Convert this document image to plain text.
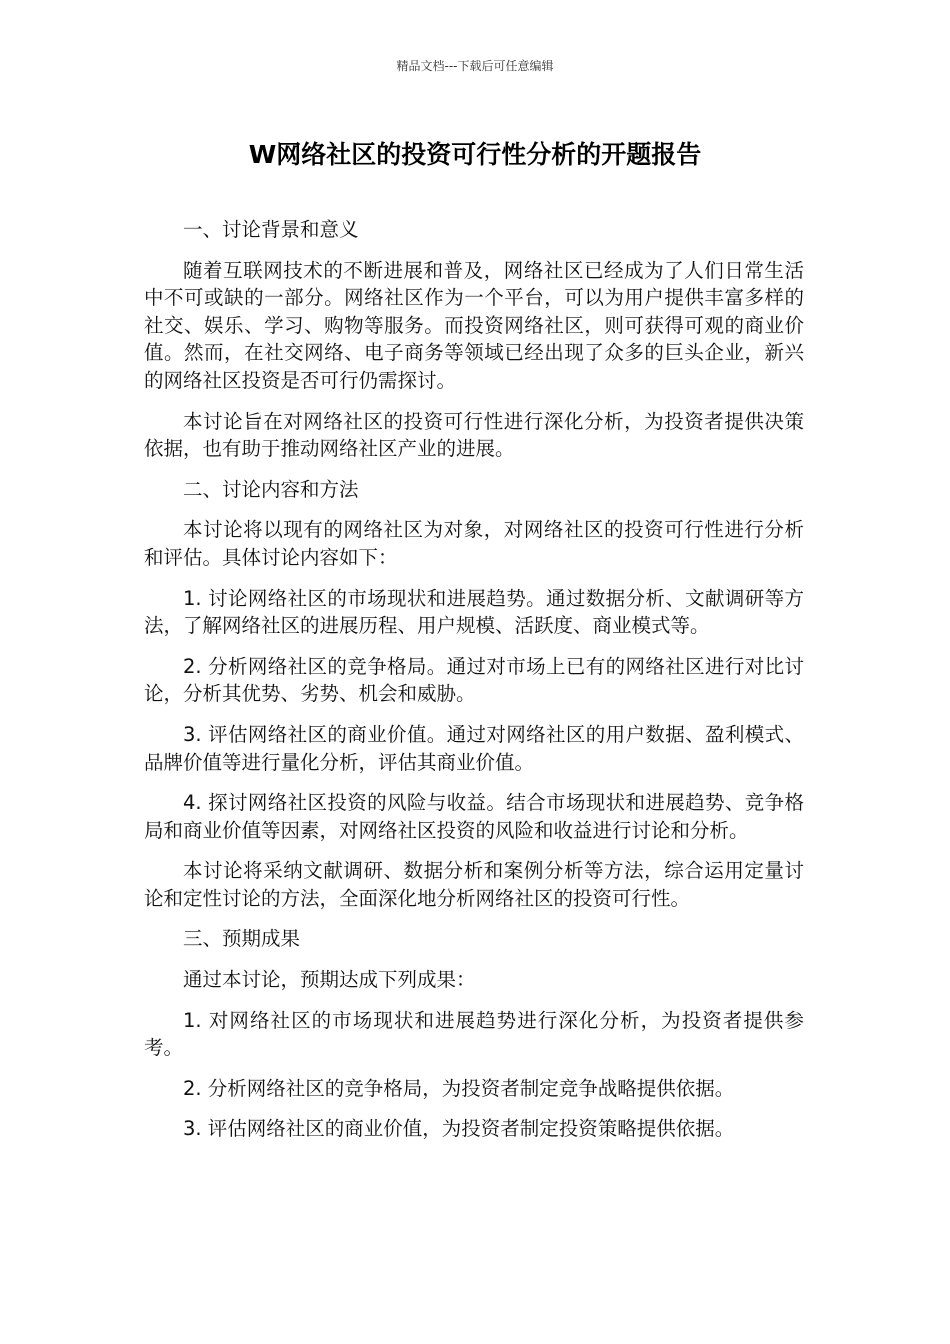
精品文档---下载后可任意编辑
W网络社区的投资可行性分析的开题报告

一、讨论背景和意义

随着互联网技术的不断进展和普及，网络社区已经成为了人们日常生活中不可或缺的一部分。网络社区作为一个平台，可以为用户提供丰富多样的社交、娱乐、学习、购物等服务。而投资网络社区，则可获得可观的商业价值。然而，在社交网络、电子商务等领域已经出现了众多的巨头企业，新兴的网络社区投资是否可行仍需探讨。

本讨论旨在对网络社区的投资可行性进行深化分析，为投资者提供决策依据，也有助于推动网络社区产业的进展。

二、讨论内容和方法

本讨论将以现有的网络社区为对象，对网络社区的投资可行性进行分析和评估。具体讨论内容如下：

1. 讨论网络社区的市场现状和进展趋势。通过数据分析、文献调研等方法，了解网络社区的进展历程、用户规模、活跃度、商业模式等。

2. 分析网络社区的竞争格局。通过对市场上已有的网络社区进行对比讨论，分析其优势、劣势、机会和威胁。

3. 评估网络社区的商业价值。通过对网络社区的用户数据、盈利模式、品牌价值等进行量化分析，评估其商业价值。

4. 探讨网络社区投资的风险与收益。结合市场现状和进展趋势、竞争格局和商业价值等因素，对网络社区投资的风险和收益进行讨论和分析。

本讨论将采纳文献调研、数据分析和案例分析等方法，综合运用定量讨论和定性讨论的方法，全面深化地分析网络社区的投资可行性。

三、预期成果

通过本讨论，预期达成下列成果：

1. 对网络社区的市场现状和进展趋势进行深化分析，为投资者提供参考。

2. 分析网络社区的竞争格局，为投资者制定竞争战略提供依据。

3. 评估网络社区的商业价值，为投资者制定投资策略提供依据。
